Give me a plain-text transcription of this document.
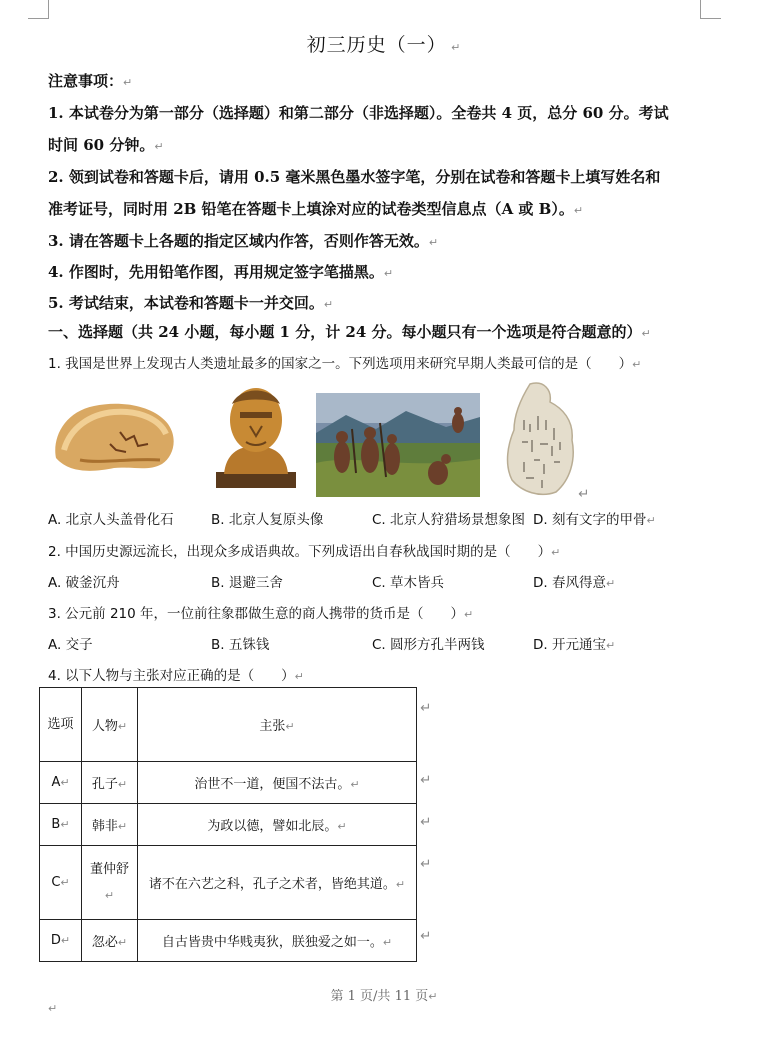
初三历史（一） ↵
注意事项：↵
1. 本试卷分为第一部分（选择题）和第二部分（非选择题）。全卷共 4 页，总分 60 分。考试
时间 60 分钟。↵
2. 领到试卷和答题卡后，请用 0.5 毫米黑色墨水签字笔，分别在试卷和答题卡上填写姓名和
准考证号，同时用 2B 铅笔在答题卡上填涂对应的试卷类型信息点（A 或 B）。↵
3. 请在答题卡上各题的指定区域内作答，否则作答无效。↵
4. 作图时，先用铅笔作图，再用规定签字笔描黑。↵
5. 考试结束，本试卷和答题卡一并交回。↵
一、选择题（共 24 小题，每小题 1 分，计 24 分。每小题只有一个选项是符合题意的）↵
1. 我国是世界上发现古人类遗址最多的国家之一。下列选项用来研究早期人类最可信的是（　　）↵
↵
A. 北京人头盖骨化石	B. 北京人复原头像	C. 北京人狩猎场景想象图 D. 刻有文字的甲骨↵
2. 中国历史源远流长，出现众多成语典故。下列成语出自春秋战国时期的是（　　）↵
A. 破釜沉舟	B. 退避三舍	C. 草木皆兵	D. 春风得意↵
3. 公元前 210 年，一位前往象郡做生意的商人携带的货币是（　　）↵
A. 交子	B. 五铢钱	C. 圆形方孔半两钱	D. 开元通宝↵
4. 以下人物与主张对应正确的是（　　）↵
选项	人物↵	主张↵
A↵	孔子↵	治世不一道，便国不法古。↵
B↵	韩非↵	为政以德，譬如北辰。↵
C↵	董仲舒↵	诸不在六艺之科，孔子之术者，皆绝其道。↵
D↵	忽必↵	自古皆贵中华贱夷狄，朕独爱之如一。↵
↵
↵
↵
↵
↵
第 1 页/共 11 页↵
↵
